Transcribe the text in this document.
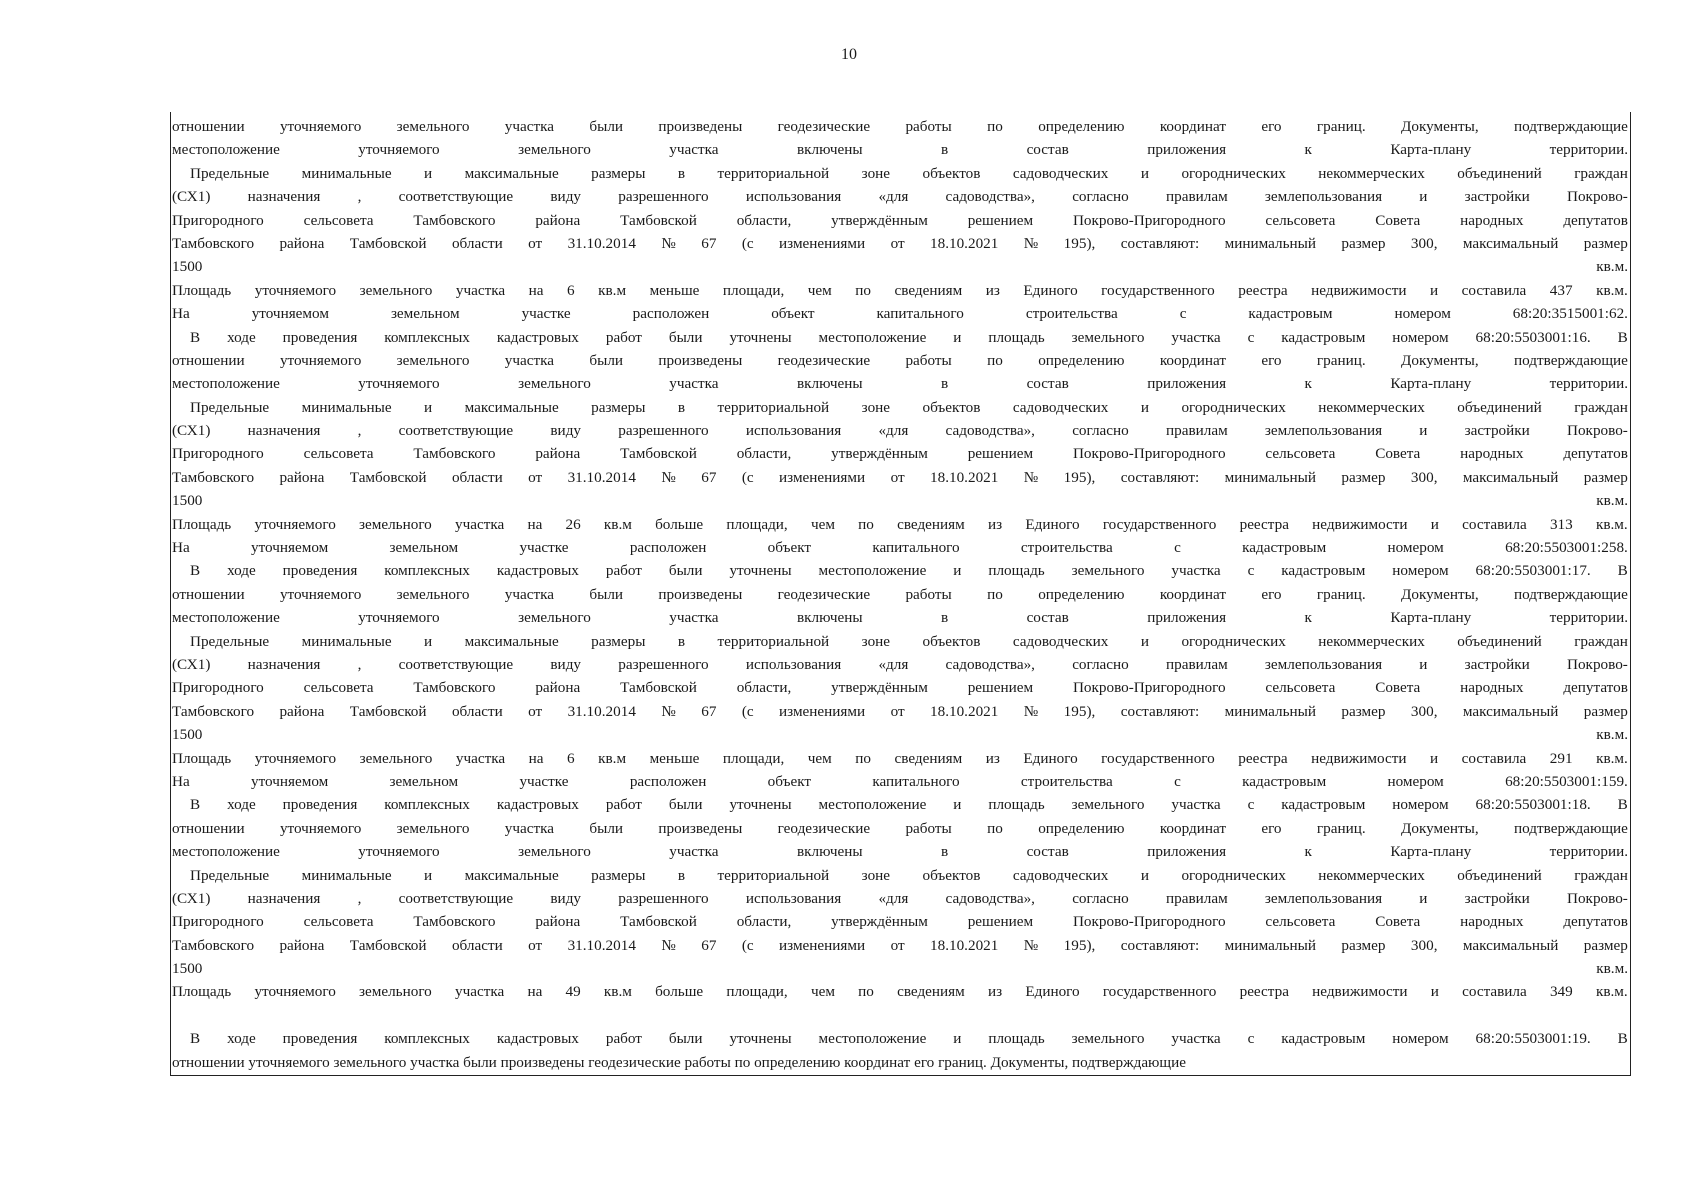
10
отношении уточняемого земельного участка были произведены геодезические работы по определению координат его границ. Документы, подтверждающие
местоположение	уточняемого	земельного	участка	включены	в	состав	приложения	к	Карта-плану	территории.
Предельные минимальные и максимальные размеры в территориальной зоне объектов садоводческих и огороднических некоммерческих объединений граждан
(СХ1) назначения , соответствующие виду разрешенного использования «для садоводства», согласно правилам землепользования и застройки Покрово-
Пригородного	сельсовета	Тамбовского	района	Тамбовской	области,	утверждённым	решением	Покрово-Пригородного	сельсовета	Совета	народных	депутатов
Тамбовского района Тамбовской области от 31.10.2014 № 67 (с изменениями от 18.10.2021 № 195), составляют: минимальный размер 300, максимальный размер
1500	кв.м.
Площадь уточняемого земельного участка на 6 кв.м меньше площади, чем по сведениям из Единого государственного реестра недвижимости и составила 437 кв.м.
На	уточняемом	земельном	участке	расположен	объект	капитального	строительства	с	кадастровым	номером	68:20:3515001:62.
В ходе проведения комплексных кадастровых работ были уточнены местоположение и площадь земельного участка с кадастровым номером 68:20:5503001:16. В
отношении уточняемого земельного участка были произведены геодезические работы по определению координат его границ. Документы, подтверждающие
местоположение	уточняемого	земельного	участка	включены	в	состав	приложения	к	Карта-плану	территории.
Предельные минимальные и максимальные размеры в территориальной зоне объектов садоводческих и огороднических некоммерческих объединений граждан
(СХ1) назначения , соответствующие виду разрешенного использования «для садоводства», согласно правилам землепользования и застройки Покрово-
Пригородного	сельсовета	Тамбовского	района	Тамбовской	области,	утверждённым	решением	Покрово-Пригородного	сельсовета	Совета	народных	депутатов
Тамбовского района Тамбовской области от 31.10.2014 № 67 (с изменениями от 18.10.2021 № 195), составляют: минимальный размер 300, максимальный размер
1500	кв.м.
Площадь уточняемого земельного участка на 26 кв.м больше площади, чем по сведениям из Единого государственного реестра недвижимости и составила 313 кв.м.
На	уточняемом	земельном	участке	расположен	объект	капитального	строительства	с	кадастровым	номером	68:20:5503001:258.
В ходе проведения комплексных кадастровых работ были уточнены местоположение и площадь земельного участка с кадастровым номером 68:20:5503001:17. В
отношении уточняемого земельного участка были произведены геодезические работы по определению координат его границ. Документы, подтверждающие
местоположение	уточняемого	земельного	участка	включены	в	состав	приложения	к	Карта-плану	территории.
Предельные минимальные и максимальные размеры в территориальной зоне объектов садоводческих и огороднических некоммерческих объединений граждан
(СХ1) назначения , соответствующие виду разрешенного использования «для садоводства», согласно правилам землепользования и застройки Покрово-
Пригородного	сельсовета	Тамбовского	района	Тамбовской	области,	утверждённым	решением	Покрово-Пригородного	сельсовета	Совета	народных	депутатов
Тамбовского района Тамбовской области от 31.10.2014 № 67 (с изменениями от 18.10.2021 № 195), составляют: минимальный размер 300, максимальный размер
1500	кв.м.
Площадь уточняемого земельного участка на 6 кв.м меньше площади, чем по сведениям из Единого государственного реестра недвижимости и составила 291 кв.м.
На	уточняемом	земельном	участке	расположен	объект	капитального	строительства	с	кадастровым	номером	68:20:5503001:159.
В ходе проведения комплексных кадастровых работ были уточнены местоположение и площадь земельного участка с кадастровым номером 68:20:5503001:18. В
отношении уточняемого земельного участка были произведены геодезические работы по определению координат его границ. Документы, подтверждающие
местоположение	уточняемого	земельного	участка	включены	в	состав	приложения	к	Карта-плану	территории.
Предельные минимальные и максимальные размеры в территориальной зоне объектов садоводческих и огороднических некоммерческих объединений граждан
(СХ1) назначения , соответствующие виду разрешенного использования «для садоводства», согласно правилам землепользования и застройки Покрово-
Пригородного	сельсовета	Тамбовского	района	Тамбовской	области,	утверждённым	решением	Покрово-Пригородного	сельсовета	Совета	народных	депутатов
Тамбовского района Тамбовской области от 31.10.2014 № 67 (с изменениями от 18.10.2021 № 195), составляют: минимальный размер 300, максимальный размер
1500	кв.м.
Площадь уточняемого земельного участка на 49 кв.м больше площади, чем по сведениям из Единого государственного реестра недвижимости и составила 349 кв.м.
В ходе проведения комплексных кадастровых работ были уточнены местоположение и площадь земельного участка с кадастровым номером 68:20:5503001:19. В
отношении уточняемого земельного участка были произведены геодезические работы по определению координат его границ. Документы, подтверждающие
